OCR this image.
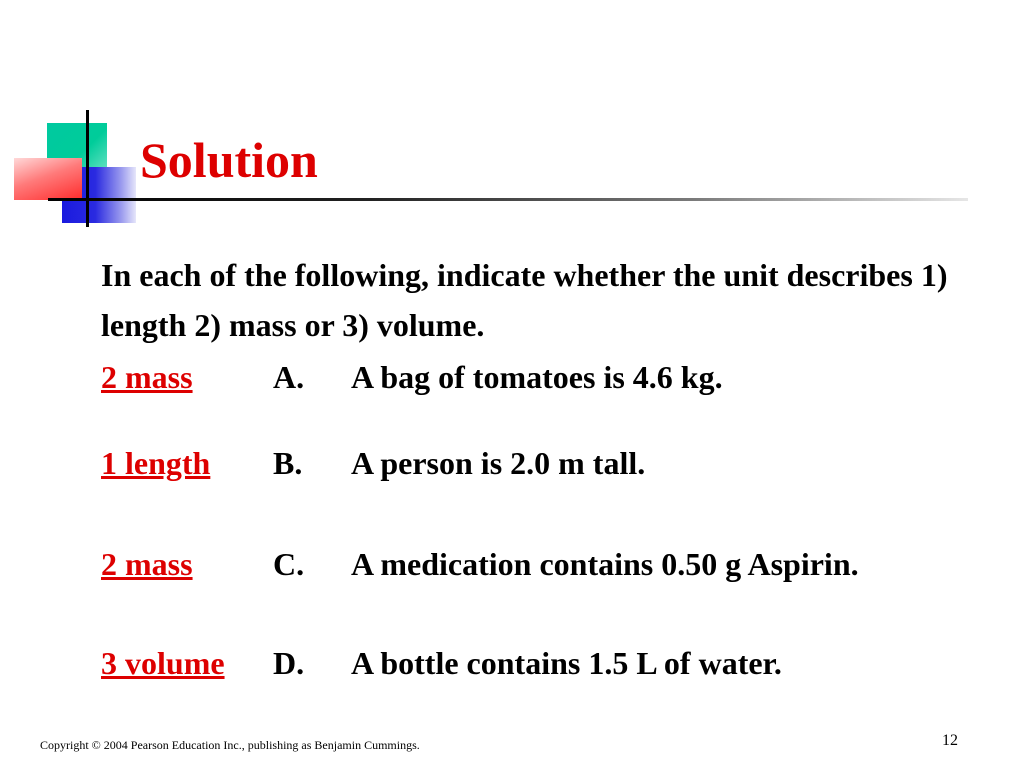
Solution

In each of the following, indicate whether the unit describes 1) length 2) mass or 3) volume.

2 mass	A. A bag of tomatoes is 4.6 kg.
1 length B. A person is 2.0 m tall.
2 mass	C. A medication contains 0.50 g Aspirin.
3 volume D. A bottle contains 1.5 L of water.

Copyright © 2004 Pearson Education Inc., publishing as Benjamin Cummings.	12
